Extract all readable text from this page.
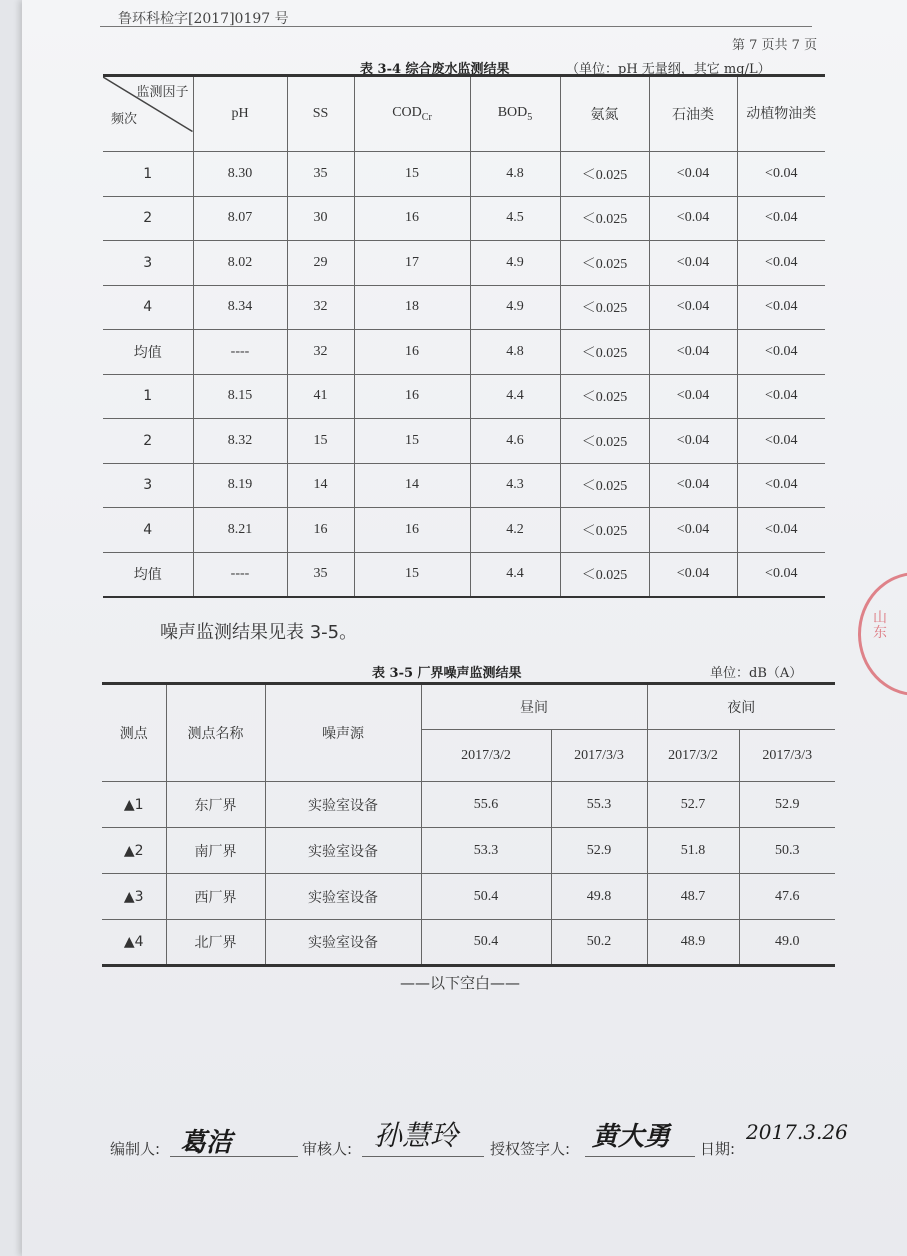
鲁环科检字[2017]0197 号
第 7 页共 7 页
表 3-4 综合废水监测结果	（单位：pH 无量纲，其它 mg/L）
监测因子
频次	pH	SS	$COD_{Cr}$	$BOD_5$	氨氮	石油类	动植物油类
1	8.30	35	15	4.8	＜0.025	<0.04	<0.04
2	8.07	30	16	4.5	＜0.025	<0.04	<0.04
3	8.02	29	17	4.9	＜0.025	<0.04	<0.04
4	8.34	32	18	4.9	＜0.025	<0.04	<0.04
均值	----	32	16	4.8	＜0.025	<0.04	<0.04
1	8.15	41	16	4.4	＜0.025	<0.04	<0.04
2	8.32	15	15	4.6	＜0.025	<0.04	<0.04
3	8.19	14	14	4.3	＜0.025	<0.04	<0.04
4	8.21	16	16	4.2	＜0.025	<0.04	<0.04
均值	----	35	15	4.4	＜0.025	<0.04	<0.04
噪声监测结果见表 3-5。
表 3-5 厂界噪声监测结果	单位：dB（A）
测点	测点名称	噪声源	昼间		夜间	
			2017/3/2	2017/3/3	2017/3/2	2017/3/3
▲1	东厂界	实验室设备	55.6	55.3	52.7	52.9
▲2	南厂界	实验室设备	53.3	52.9	51.8	50.3
▲3	西厂界	实验室设备	50.4	49.8	48.7	47.6
▲4	北厂界	实验室设备	50.4	50.2	48.9	49.0
——以下空白——
编制人: 葛洁	审核人: 孙慧玲 授权签字人: 黄大勇 日期:
2017.3.26
山东
